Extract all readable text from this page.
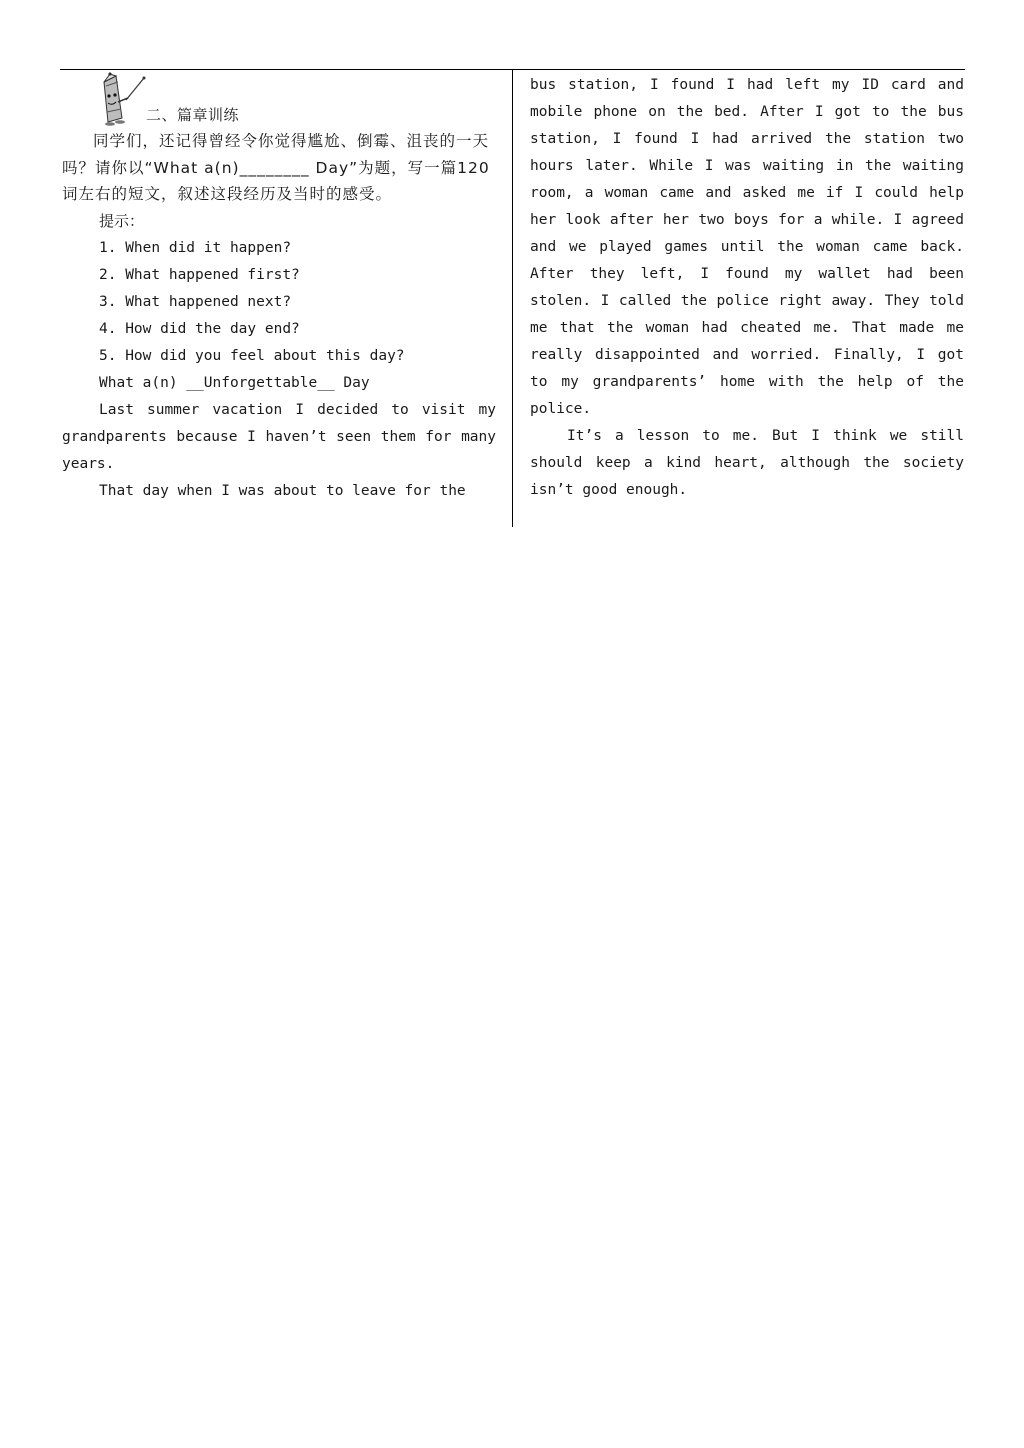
二、篇章训练

同学们，还记得曾经令你觉得尴尬、倒霉、沮丧的一天吗？请你以“What a(n)________ Day”为题，写一篇120词左右的短文，叙述这段经历及当时的感受。

提示：

1. When did it happen?
2. What happened first?
3. What happened next?
4. How did the day end?
5. How did you feel about this day?

What a(n) __Unforgettable__ Day

Last summer vacation I decided to visit my grandparents because I haven’t seen them for many years.

That day when I was about to leave for the

bus station, I found I had left my ID card and mobile phone on the bed. After I got to the bus station, I found I had arrived the station two hours later. While I was waiting in the waiting room, a woman came and asked me if I could help her look after her two boys for a while. I agreed and we played games until the woman came back. After they left, I found my wallet had been stolen. I called the police right away. They told me that the woman had cheated me. That made me really disappointed and worried. Finally, I got to my grandparents’ home with the help of the police.

It’s a lesson to me. But I think we still should keep a kind heart, although the society isn’t good enough.
